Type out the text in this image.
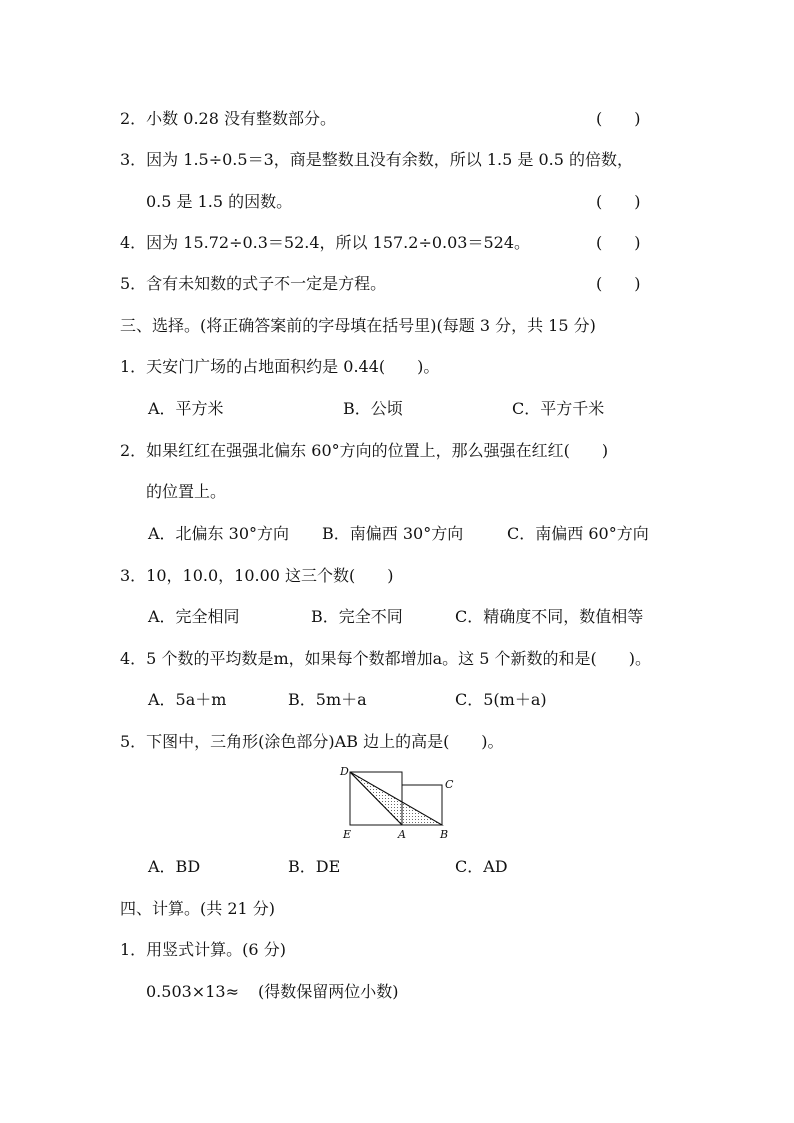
2．小数 0.28 没有整数部分。	(　　)
3．因为 1.5÷0.5＝3，商是整数且没有余数，所以 1.5 是 0.5 的倍数，
0.5 是 1.5 的因数。	(　　)
4．因为 15.72÷0.3＝52.4，所以 157.2÷0.03＝524。	(　　)
5．含有未知数的式子不一定是方程。	(　　)
三、选择。(将正确答案前的字母填在括号里)(每题 3 分，共 15 分)
1．天安门广场的占地面积约是 0.44(　　)。
A．平方米	B．公顷	C．平方千米
2．如果红红在强强北偏东 60°方向的位置上，那么强强在红红(　　)
的位置上。
A．北偏东 30°方向 B．南偏西 30°方向	C．南偏西 60°方向
3．10，10.0，10.00 这三个数(　　)
A．完全相同	B．完全不同	C．精确度不同，数值相等
4．5 个数的平均数是m，如果每个数都增加a。这 5 个新数的和是(　　)。
A．5a＋m	B．5m＋a	C．5(m＋a)
5．下图中，三角形(涂色部分)AB 边上的高是(　　)。
D
C
E	A	B
A．BD	B．DE	C．AD
四、计算。(共 21 分)
1．用竖式计算。(6 分)
0.503×13≈ (得数保留两位小数)
